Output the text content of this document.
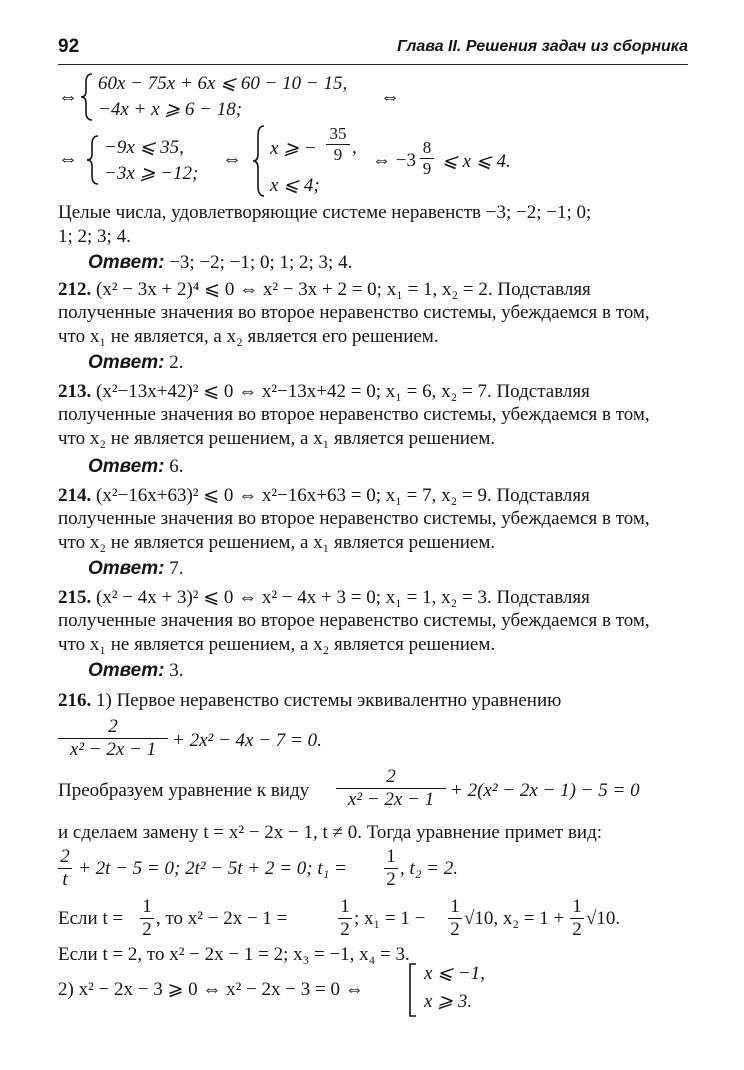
92	Глава II. Решения задач из сборника
⇔
60x − 75x + 6x ⩽ 60 − 10 − 15,
−4x + x ⩾ 6 − 18;
⇔
⇔
−9x ⩽ 35,
−3x ⩾ −12;
⇔ x ⩾ −
35
9 ,
x ⩽ 4;
⇔ −3
8
9 ⩽ x ⩽ 4.
Целые числа, удовлетворяющие системе неравенств −3; −2; −1; 0;
1; 2; 3; 4.
Ответ: −3; −2; −1; 0; 1; 2; 3; 4.
212. (x² − 3x + 2)⁴ ⩽ 0 ⇔ x² − 3x + 2 = 0; x₁ = 1, x₂ = 2. Подставляя
полученные значения во второе неравенство системы, убеждаемся в том,
что x₁ не является, а x₂ является его решением.
Ответ: 2.
213. (x²−13x+42)² ⩽ 0 ⇔ x²−13x+42 = 0; x₁ = 6, x₂ = 7. Подставляя
полученные значения во второе неравенство системы, убеждаемся в том,
что x₂ не является решением, а x₁ является решением.
Ответ: 6.
214. (x²−16x+63)² ⩽ 0 ⇔ x²−16x+63 = 0; x₁ = 7, x₂ = 9. Подставляя
полученные значения во второе неравенство системы, убеждаемся в том,
что x₂ не является решением, а x₁ является решением.
Ответ: 7.
215. (x² − 4x + 3)² ⩽ 0 ⇔ x² − 4x + 3 = 0; x₁ = 1, x₂ = 3. Подставляя
полученные значения во второе неравенство системы, убеждаемся в том,
что x₁ не является решением, а x₂ является решением.
Ответ: 3.
216. 1) Первое неравенство системы эквивалентно уравнению
2
x² − 2x − 1 + 2x² − 4x − 7 = 0.
Преобразуем уравнение к виду
2
x² − 2x − 1 + 2(x² − 2x − 1) − 5 = 0
и сделаем замену t = x² − 2x − 1, t ≠ 0. Тогда уравнение примет вид:
2
t
+ 2t − 5 = 0; 2t² − 5t + 2 = 0; t₁ =
1
2
, t₂ = 2.
Если t =
1
2
, то x² − 2x − 1 =
1
2
; x₁ = 1 −
1
2
√10, x₂ = 1 +
1
2
√10.
Если t = 2, то x² − 2x − 1 = 2; x₃ = −1, x₄ = 3.
2) x² − 2x − 3 ⩾ 0 ⇔ x² − 2x − 3 = 0 ⇔
x ⩽ −1,
x ⩾ 3.
